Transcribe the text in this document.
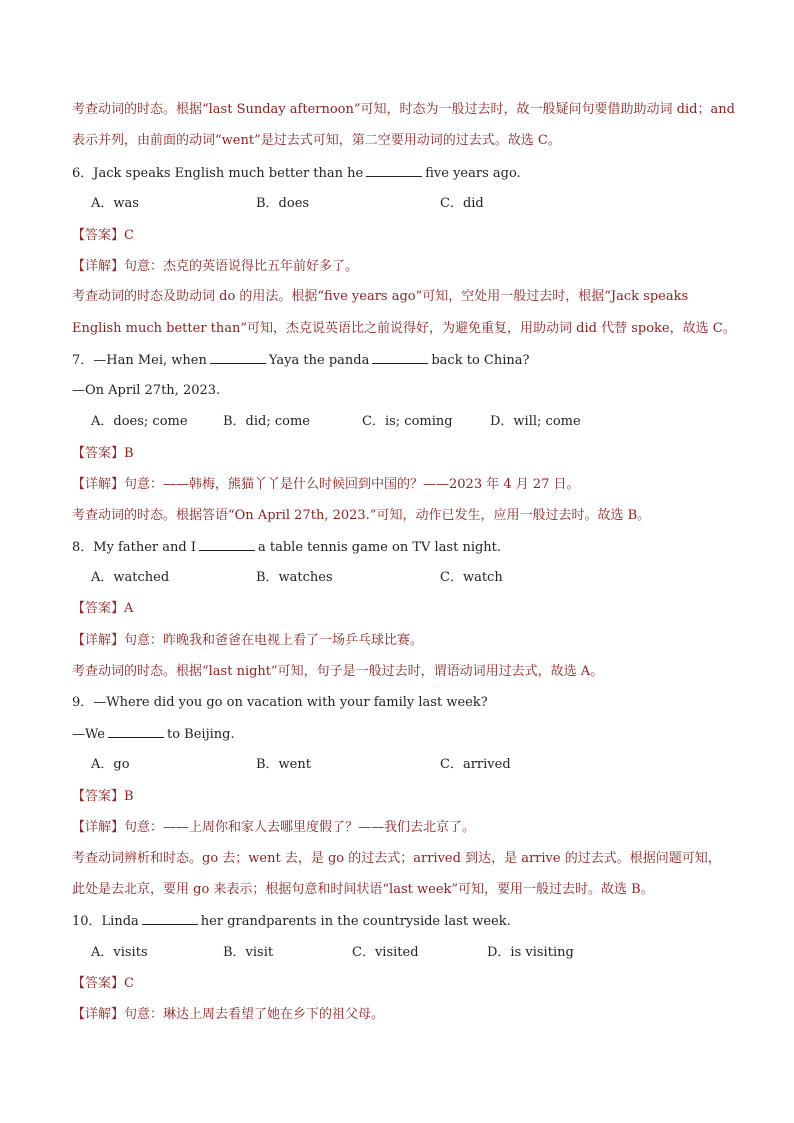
考查动词的时态。根据“last Sunday afternoon”可知，时态为一般过去时，故一般疑问句要借助助动词 did；and
表示并列，由前面的动词“went”是过去式可知，第二空要用动词的过去式。故选 C。
6．Jack speaks English much better than he	five years ago.
A．was	B．does	C．did
【答案】C
【详解】句意：杰克的英语说得比五年前好多了。
考查动词的时态及助动词 do 的用法。根据“five years ago”可知，空处用一般过去时，根据“Jack speaks
English much better than”可知，杰克说英语比之前说得好，为避免重复，用助动词 did 代替 spoke，故选 C。
7．—Han Mei, when	Yaya the panda	back to China?
—On April 27th, 2023.
A．does; come	B．did; come	C．is; coming	D．will; come
【答案】B
【详解】句意：——韩梅，熊猫丫丫是什么时候回到中国的？——2023 年 4 月 27 日。
考查动词的时态。根据答语“On April 27th, 2023.”可知，动作已发生，应用一般过去时。故选 B。
8．My father and I	a table tennis game on TV last night.
A．watched	B．watches	C．watch
【答案】A
【详解】句意：昨晚我和爸爸在电视上看了一场乒乓球比赛。
考查动词的时态。根据“last night”可知，句子是一般过去时，谓语动词用过去式，故选 A。
9．—Where did you go on vacation with your family last week?
—We	to Beijing.
A．go	B．went	C．arrived
【答案】B
【详解】句意：——上周你和家人去哪里度假了？——我们去北京了。
考查动词辨析和时态。go 去；went 去，是 go 的过去式；arrived 到达，是 arrive 的过去式。根据问题可知，
此处是去北京，要用 go 来表示；根据句意和时间状语“last week”可知，要用一般过去时。故选 B。
10．Linda	her grandparents in the countryside last week.
A．visits	B．visit	C．visited	D．is visiting
【答案】C
【详解】句意：琳达上周去看望了她在乡下的祖父母。
